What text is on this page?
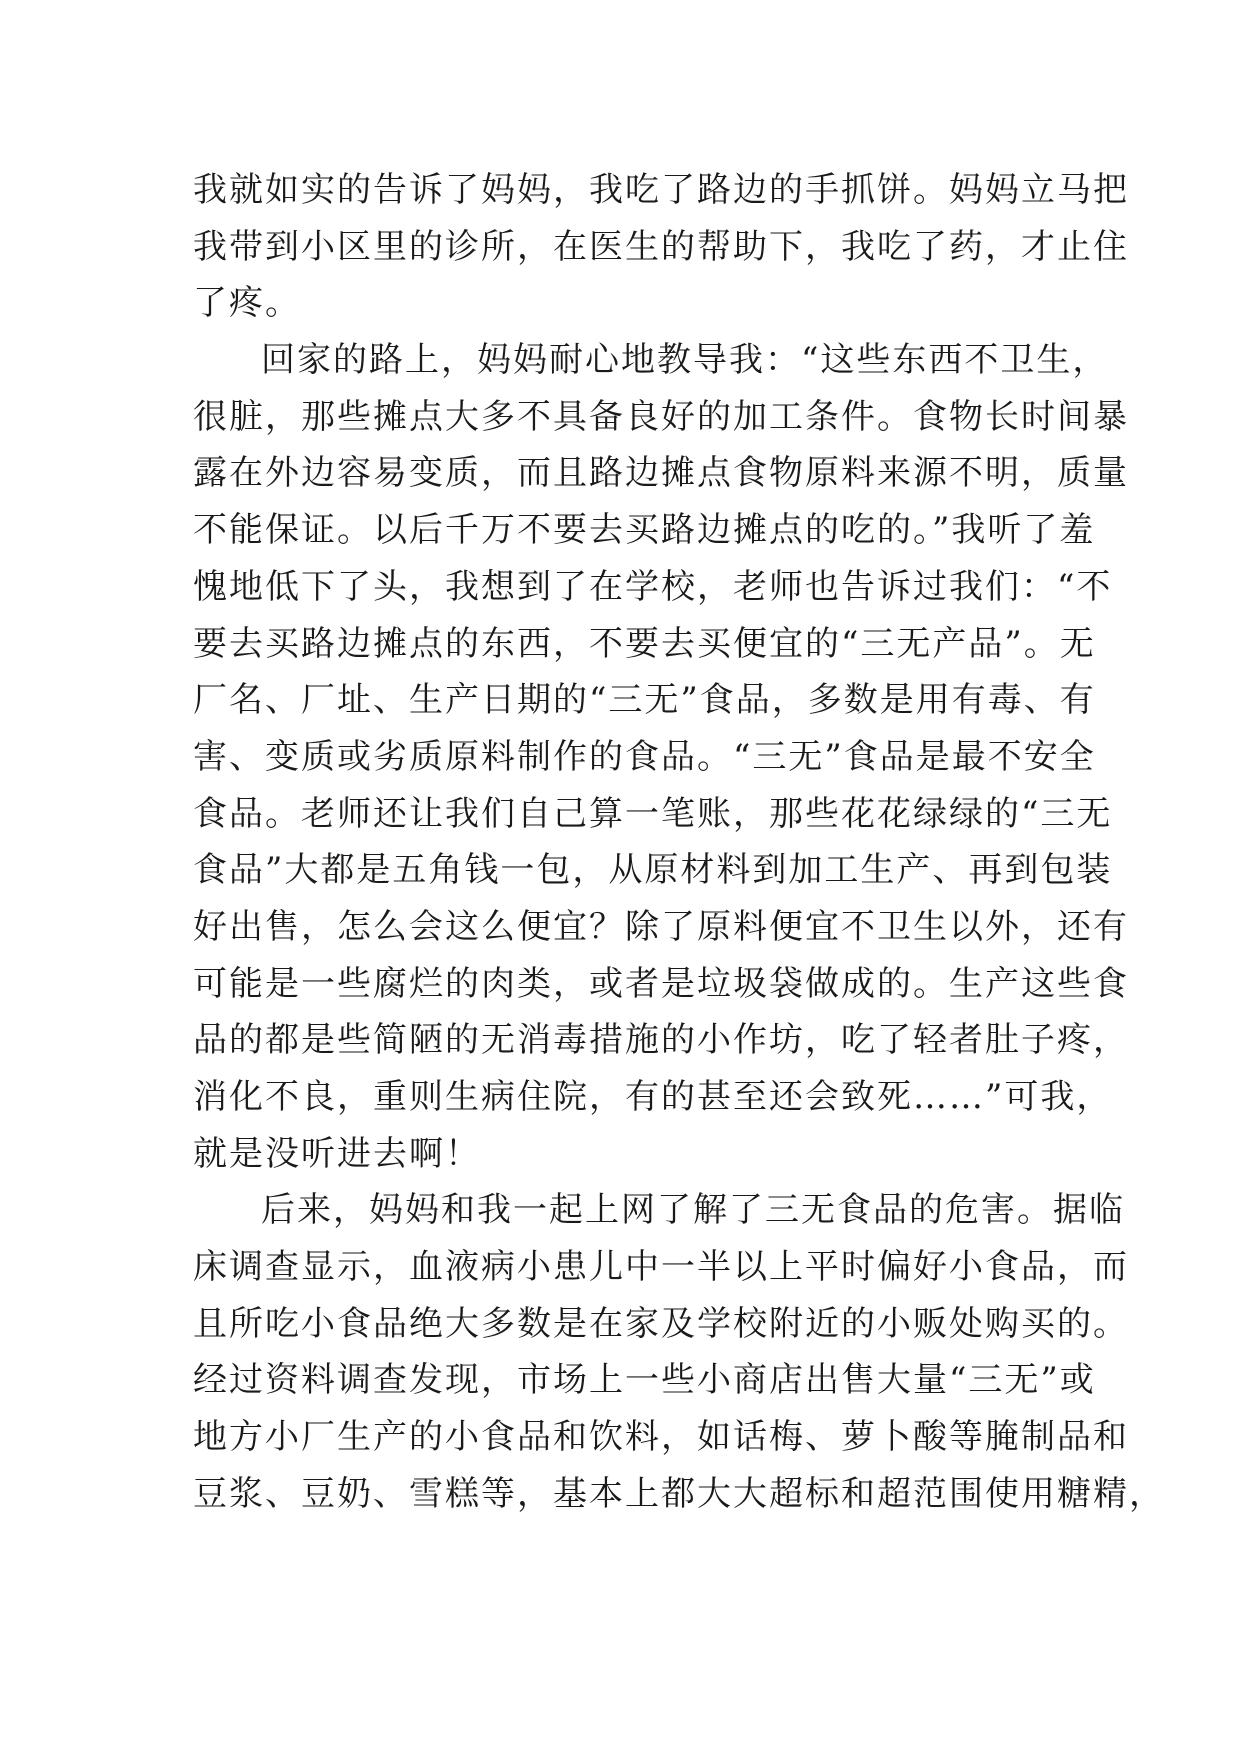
我就如实的告诉了妈妈，我吃了路边的手抓饼。妈妈立马把
我带到小区里的诊所，在医生的帮助下，我吃了药，才止住
了疼。

回家的路上，妈妈耐心地教导我：“这些东西不卫生，
很脏，那些摊点大多不具备良好的加工条件。食物长时间暴
露在外边容易变质，而且路边摊点食物原料来源不明，质量
不能保证。以后千万不要去买路边摊点的吃的。”我听了羞
愧地低下了头，我想到了在学校，老师也告诉过我们：“不
要去买路边摊点的东西，不要去买便宜的“三无产品”。无
厂名、厂址、生产日期的“三无”食品，多数是用有毒、有
害、变质或劣质原料制作的食品。“三无”食品是最不安全
食品。老师还让我们自己算一笔账，那些花花绿绿的“三无
食品”大都是五角钱一包，从原材料到加工生产、再到包装
好出售，怎么会这么便宜？除了原料便宜不卫生以外，还有
可能是一些腐烂的肉类，或者是垃圾袋做成的。生产这些食
品的都是些简陋的无消毒措施的小作坊，吃了轻者肚子疼，
消化不良，重则生病住院，有的甚至还会致死……”可我，
就是没听进去啊！

后来，妈妈和我一起上网了解了三无食品的危害。据临
床调查显示，血液病小患儿中一半以上平时偏好小食品，而
且所吃小食品绝大多数是在家及学校附近的小贩处购买的。
经过资料调查发现，市场上一些小商店出售大量“三无”或
地方小厂生产的小食品和饮料，如话梅、萝卜酸等腌制品和
豆浆、豆奶、雪糕等，基本上都大大超标和超范围使用糖精，
